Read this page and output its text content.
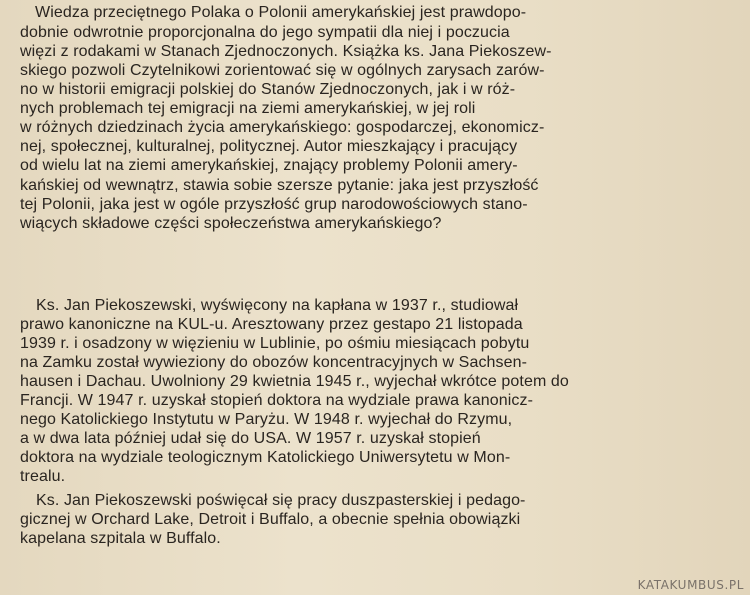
Wiedza przeciętnego Polaka o Polonii amerykańskiej jest prawdopo-
dobnie odwrotnie proporcjonalna do jego sympatii dla niej i poczucia
więzi z rodakami w Stanach Zjednoczonych. Książka ks. Jana Piekoszew-
skiego pozwoli Czytelnikowi zorientować się w ogólnych zarysach zarów-
no w historii emigracji polskiej do Stanów Zjednoczonych, jak i w róż-
nych problemach tej emigracji na ziemi amerykańskiej, w jej roli
w różnych dziedzinach życia amerykańskiego: gospodarczej, ekonomicz-
nej, społecznej, kulturalnej, politycznej. Autor mieszkający i pracujący
od wielu lat na ziemi amerykańskiej, znający problemy Polonii amery-
kańskiej od wewnątrz, stawia sobie szersze pytanie: jaka jest przyszłość
tej Polonii, jaka jest w ogóle przyszłość grup narodowościowych stano-
wiących składowe części społeczeństwa amerykańskiego?
Ks. Jan Piekoszewski, wyświęcony na kapłana w 1937 r., studiował
prawo kanoniczne na KUL-u. Aresztowany przez gestapo 21 listopada
1939 r. i osadzony w więzieniu w Lublinie, po ośmiu miesiącach pobytu
na Zamku został wywieziony do obozów koncentracyjnych w Sachsen-
hausen i Dachau. Uwolniony 29 kwietnia 1945 r., wyjechał wkrótce potem do
Francji. W 1947 r. uzyskał stopień doktora na wydziale prawa kanonicz-
nego Katolickiego Instytutu w Paryżu. W 1948 r. wyjechał do Rzymu,
a w dwa lata później udał się do USA. W 1957 r. uzyskał stopień
doktora na wydziale teologicznym Katolickiego Uniwersytetu w Mon-
trealu.
Ks. Jan Piekoszewski poświęcał się pracy duszpasterskiej i pedago-
gicznej w Orchard Lake, Detroit i Buffalo, a obecnie spełnia obowiązki
kapelana szpitala w Buffalo.
KATAKUMBUS.PL
